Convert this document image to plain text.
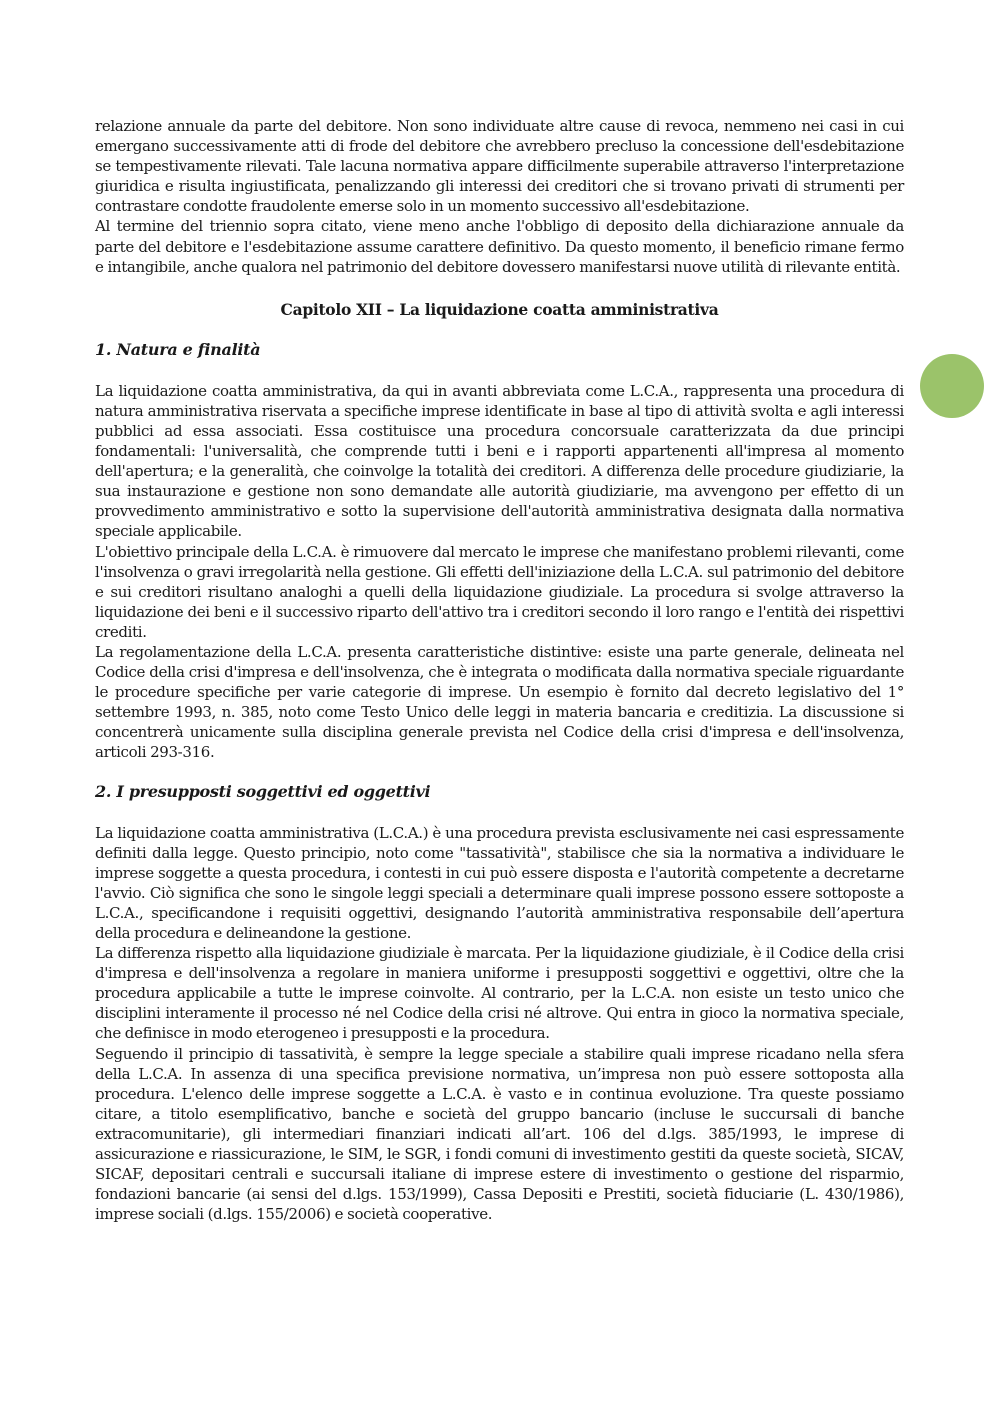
relazione annuale da parte del debitore. Non sono individuate altre cause di revoca, nemmeno nei casi in cui emergano successivamente atti di frode del debitore che avrebbero precluso la concessione dell'esdebitazione se tempestivamente rilevati. Tale lacuna normativa appare difficilmente superabile attraverso l'interpretazione giuridica e risulta ingiustificata, penalizzando gli interessi dei creditori che si trovano privati di strumenti per contrastare condotte fraudolente emerse solo in un momento successivo all'esdebitazione.

Al termine del triennio sopra citato, viene meno anche l'obbligo di deposito della dichiarazione annuale da parte del debitore e l'esdebitazione assume carattere definitivo. Da questo momento, il beneficio rimane fermo e intangibile, anche qualora nel patrimonio del debitore dovessero manifestarsi nuove utilità di rilevante entità.

Capitolo XII – La liquidazione coatta amministrativa
1. Natura e finalità

La liquidazione coatta amministrativa, da qui in avanti abbreviata come L.C.A., rappresenta una procedura di natura amministrativa riservata a specifiche imprese identificate in base al tipo di attività svolta e agli interessi pubblici ad essa associati. Essa costituisce una procedura concorsuale caratterizzata da due principi fondamentali: l'universalità, che comprende tutti i beni e i rapporti appartenenti all'impresa al momento dell'apertura; e la generalità, che coinvolge la totalità dei creditori. A differenza delle procedure giudiziarie, la sua instaurazione e gestione non sono demandate alle autorità giudiziarie, ma avvengono per effetto di un provvedimento amministrativo e sotto la supervisione dell'autorità amministrativa designata dalla normativa speciale applicabile.

L'obiettivo principale della L.C.A. è rimuovere dal mercato le imprese che manifestano problemi rilevanti, come l'insolvenza o gravi irregolarità nella gestione. Gli effetti dell'iniziazione della L.C.A. sul patrimonio del debitore e sui creditori risultano analoghi a quelli della liquidazione giudiziale. La procedura si svolge attraverso la liquidazione dei beni e il successivo riparto dell'attivo tra i creditori secondo il loro rango e l'entità dei rispettivi crediti.

La regolamentazione della L.C.A. presenta caratteristiche distintive: esiste una parte generale, delineata nel Codice della crisi d'impresa e dell'insolvenza, che è integrata o modificata dalla normativa speciale riguardante le procedure specifiche per varie categorie di imprese. Un esempio è fornito dal decreto legislativo del 1° settembre 1993, n. 385, noto come Testo Unico delle leggi in materia bancaria e creditizia. La discussione si concentrerà unicamente sulla disciplina generale prevista nel Codice della crisi d'impresa e dell'insolvenza, articoli 293-316.

2. I presupposti soggettivi ed oggettivi

La liquidazione coatta amministrativa (L.C.A.) è una procedura prevista esclusivamente nei casi espressamente definiti dalla legge. Questo principio, noto come "tassatività", stabilisce che sia la normativa a individuare le imprese soggette a questa procedura, i contesti in cui può essere disposta e l'autorità competente a decretarne l'avvio. Ciò significa che sono le singole leggi speciali a determinare quali imprese possono essere sottoposte a L.C.A., specificandone i requisiti oggettivi, designando l’autorità amministrativa responsabile dell’apertura della procedura e delineandone la gestione.

La differenza rispetto alla liquidazione giudiziale è marcata. Per la liquidazione giudiziale, è il Codice della crisi d'impresa e dell'insolvenza a regolare in maniera uniforme i presupposti soggettivi e oggettivi, oltre che la procedura applicabile a tutte le imprese coinvolte. Al contrario, per la L.C.A. non esiste un testo unico che disciplini interamente il processo né nel Codice della crisi né altrove. Qui entra in gioco la normativa speciale, che definisce in modo eterogeneo i presupposti e la procedura.

Seguendo il principio di tassatività, è sempre la legge speciale a stabilire quali imprese ricadano nella sfera della L.C.A. In assenza di una specifica previsione normativa, un’impresa non può essere sottoposta alla procedura. L'elenco delle imprese soggette a L.C.A. è vasto e in continua evoluzione. Tra queste possiamo citare, a titolo esemplificativo, banche e società del gruppo bancario (incluse le succursali di banche extracomunitarie), gli intermediari finanziari indicati all’art. 106 del d.lgs. 385/1993, le imprese di assicurazione e riassicurazione, le SIM, le SGR, i fondi comuni di investimento gestiti da queste società, SICAV, SICAF, depositari centrali e succursali italiane di imprese estere di investimento o gestione del risparmio, fondazioni bancarie (ai sensi del d.lgs. 153/1999), Cassa Depositi e Prestiti, società fiduciarie (L. 430/1986), imprese sociali (d.lgs. 155/2006) e società cooperative.
